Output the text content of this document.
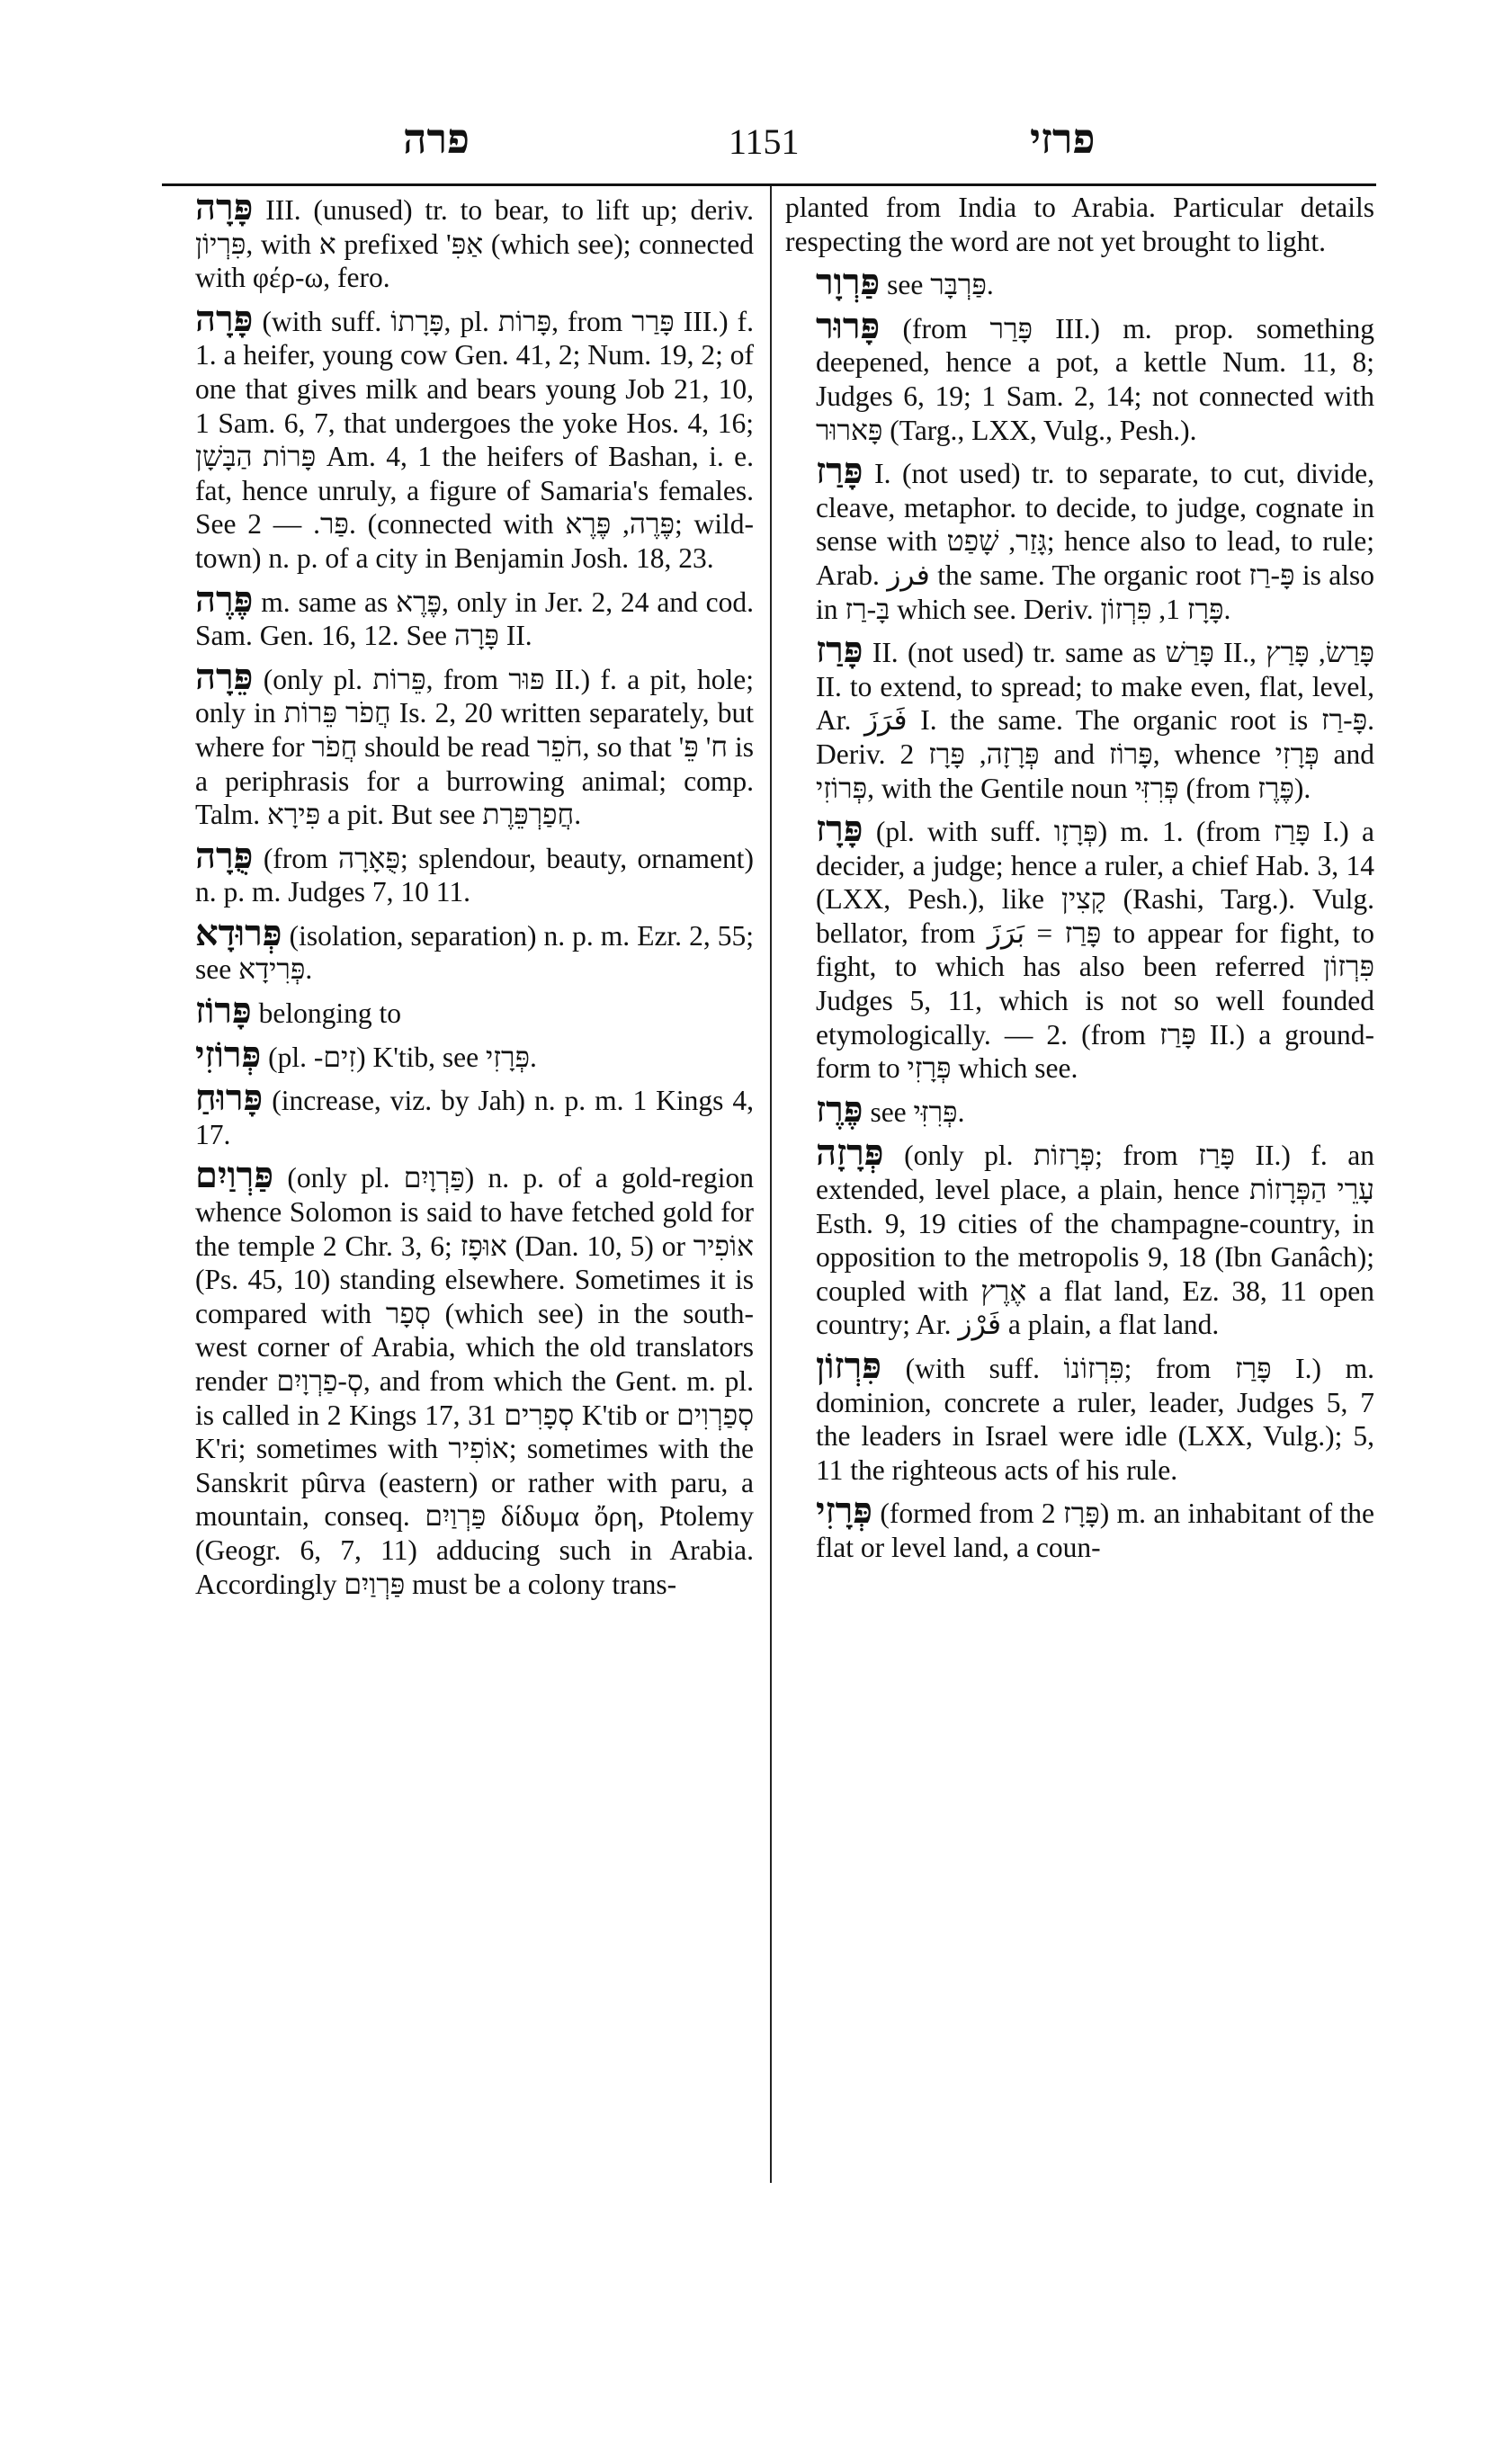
פרה	1151	פרזי
פָּרָה III. (unused) tr. to bear, to lift up; deriv. פִּרְיוֹן, with א prefixed 'אַפִּ (which see); connected with φέρ-ω, fero.
פָּרָה (with suff. פָּרָתוֹ, pl. פָּרוֹת, from פָּרַר III.) f. 1. a heifer, young cow Gen. 41, 2; Num. 19, 2; of one that gives milk and bears young Job 21, 10, 1 Sam. 6, 7, that undergoes the yoke Hos. 4, 16; פָּרוֹת הַבָּשָׁן Am. 4, 1 the heifers of Bashan, i. e. fat, hence unruly, a figure of Samaria's females. See פַּר. — 2. (connected with פֶּרֶה, פֶּרֶא; wild-town) n. p. of a city in Benjamin Josh. 18, 23.
פֶּרֶה m. same as פֶּרֶא, only in Jer. 2, 24 and cod. Sam. Gen. 16, 12. See פָּרָה II.
פֵּרָה (only pl. פֵּרוֹת, from פּוּר II.) f. a pit, hole; only in חֲפֹר פֵּרוֹת Is. 2, 20 written separately, but where for חֲפֹר should be read חֹפֵר, so that 'ח' פֵּ is a periphrasis for a burrowing animal; comp. Talm. פִּירָא a pit. But see חֲפַרְפֵּרֶת.
פֻּרָה (from פֻּאָרָה; splendour, beauty, ornament) n. p. m. Judges 7, 10 11.
פְּרוּדָא (isolation, separation) n. p. m. Ezr. 2, 55; see פְּרִידָא.
פָּרוֹז belonging to
פְּרוֹזִי (pl. -זִים) K'tib, see פְּרָזִי.
פָּרוּחַ (increase, viz. by Jah) n. p. m. 1 Kings 4, 17.
פַּרְוַיִם (only pl. פַּרְוָיִם) n. p. of a gold-region whence Solomon is said to have fetched gold for the temple 2 Chr. 3, 6; אוּפָז (Dan. 10, 5) or אוֹפִיר (Ps. 45, 10) standing elsewhere. Sometimes it is compared with סְפָר (which see) in the south-west corner of Arabia, which the old translators render סְ-פַרְוָיִם, and from which the Gent. m. pl. is called in 2 Kings 17, 31 סְפָרִים K'tib or סְפַרְוִים K'ri; sometimes with אוֹפִיר; sometimes with the Sanskrit pûrva (eastern) or rather with paru, a mountain, conseq. פַּרְוַיִם δίδυμα ὄρη, Ptolemy (Geogr. 6, 7, 11) adducing such in Arabia. Accordingly פַּרְוַיִם must be a colony trans-
planted from India to Arabia. Particular details respecting the word are not yet brought to light.
פַּרְוָר see פַּרְבָּר.
פָּרוּר (from פָּרַר III.) m. prop. something deepened, hence a pot, a kettle Num. 11, 8; Judges 6, 19; 1 Sam. 2, 14; not connected with פָּארוּר (Targ., LXX, Vulg., Pesh.).
פָּרַז I. (not used) tr. to separate, to cut, divide, cleave, metaphor. to decide, to judge, cognate in sense with גָּזַר, שָׁפַט; hence also to lead, to rule; Arab. فرز the same. The organic root פָּ-רַז is also in בָּ-רַז which see. Deriv. פָּרָז 1, פִּרְזוֹן.
פָּרַז II. (not used) tr. same as פָּרַשׁ II., פָּרַשׂ, פָּרַץ II. to extend, to spread; to make even, flat, level, Ar. فَرَزَ I. the same. The organic root is פָּ-רַז. Deriv. פְּרָזָה, פָּרָז 2 and פָּרוֹז, whence פְּרָזִי and פְּרוֹזִי, with the Gentile noun פְּרִזִּי (from פֶּרֶז).
פָּרָז (pl. with suff. פְּרָזָו) m. 1. (from פָּרַז I.) a decider, a judge; hence a ruler, a chief Hab. 3, 14 (LXX, Pesh.), like קָצִין (Rashi, Targ.). Vulg. bellator, from פָּרַז = بَرَزَ to appear for fight, to fight, to which has also been referred פִּרְזוֹן Judges 5, 11, which is not so well founded etymologically. — 2. (from פָּרַז II.) a ground-form to פְּרָזִי which see.
פֶּרֶז see פְּרִזִּי.
פְּרָזָה (only pl. פְּרָזוֹת; from פָּרַז II.) f. an extended, level place, a plain, hence עָרֵי הַפְּרָזוֹת Esth. 9, 19 cities of the champagne-country, in opposition to the metropolis 9, 18 (Ibn Ganâch); coupled with אֶרֶץ a flat land, Ez. 38, 11 open country; Ar. فَرْز a plain, a flat land.
פִּרְזוֹן (with suff. פִּרְזוֹנוֹ; from פָּרַז I.) m. dominion, concrete a ruler, leader, Judges 5, 7 the leaders in Israel were idle (LXX, Vulg.); 5, 11 the righteous acts of his rule.
פְּרָזִי (formed from פָּרָז 2) m. an inhabitant of the flat or level land, a coun-
